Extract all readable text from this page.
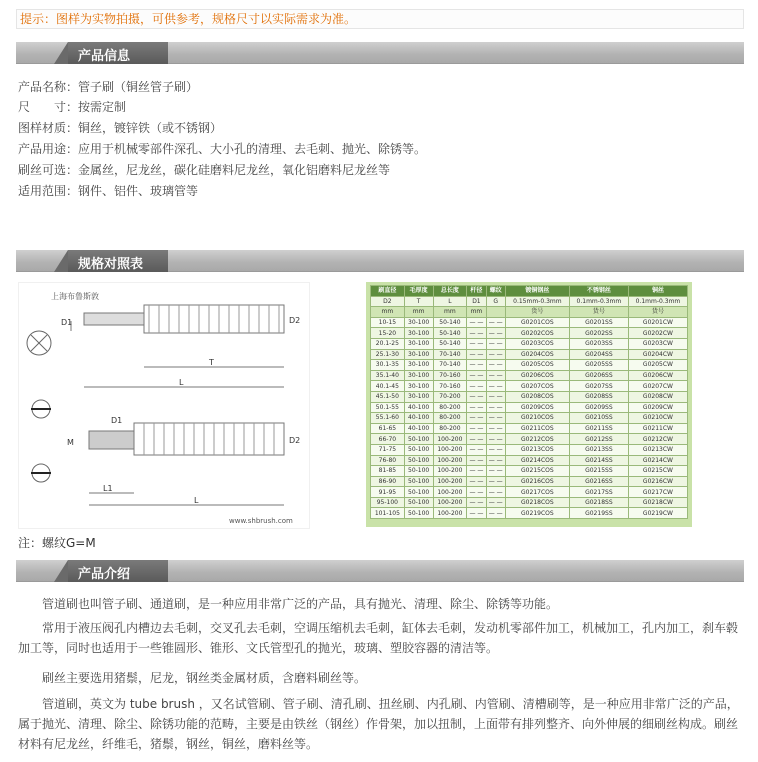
提示：图样为实物拍摄，可供参考，规格尺寸以实际需求为准。
产品信息
产品名称：管子刷（铜丝管子刷）
尺　　寸：按需定制
图样材质：铜丝，镀锌铁（或不锈钢）
产品用途：应用于机械零部件深孔、大小孔的清理、去毛刺、抛光、除锈等。
刷丝可选：金属丝，尼龙丝，碳化硅磨料尼龙丝，氧化铝磨料尼龙丝等
适用范围：钢件、铝件、玻璃管等
规格对照表
上海布鲁斯敦
D1	D2
T
L
M
D1
D2
L1
L
www.shbrush.com
刷直径	毛厚度	总长度	杆径	螺纹	镀铜钢丝	不锈钢丝	铜丝
D2	T	L	D1	G	0.15mm-0.3mm	0.1mm-0.3mm	0.1mm-0.3mm
mm	mm	mm	mm		货号	货号	货号
10-15	30-100	50-140	— —	— —	G0201COS	G0201SS	G0201CW
15-20	30-100	50-140	— —	— —	G0202COS	G0202SS	G0202CW
20.1-25	30-100	50-140	— —	— —	G0203COS	G0203SS	G0203CW
25.1-30	30-100	70-140	— —	— —	G0204COS	G0204SS	G0204CW
30.1-35	30-100	70-140	— —	— —	G0205COS	G0205SS	G0205CW
35.1-40	30-100	70-160	— —	— —	G0206COS	G0206SS	G0206CW
40.1-45	30-100	70-160	— —	— —	G0207COS	G0207SS	G0207CW
45.1-50	30-100	70-200	— —	— —	G0208COS	G0208SS	G0208CW
50.1-55	40-100	80-200	— —	— —	G0209COS	G0209SS	G0209CW
55.1-60	40-100	80-200	— —	— —	G0210COS	G0210SS	G0210CW
61-65	40-100	80-200	— —	— —	G0211COS	G0211SS	G0211CW
66-70	50-100	100-200	— —	— —	G0212COS	G0212SS	G0212CW
71-75	50-100	100-200	— —	— —	G0213COS	G0213SS	G0213CW
76-80	50-100	100-200	— —	— —	G0214COS	G0214SS	G0214CW
81-85	50-100	100-200	— —	— —	G0215COS	G0215SS	G0215CW
86-90	50-100	100-200	— —	— —	G0216COS	G0216SS	G0216CW
91-95	50-100	100-200	— —	— —	G0217COS	G0217SS	G0217CW
95-100	50-100	100-200	— —	— —	G0218COS	G0218SS	G0218CW
101-105	50-100	100-200	— —	— —	G0219COS	G0219SS	G0219CW
注：螺纹G=M
产品介绍
管道刷也叫管子刷、通道刷，是一种应用非常广泛的产品，具有抛光、清理、除尘、除锈等功能。
常用于液压阀孔内槽边去毛刺，交叉孔去毛刺，空调压缩机去毛刺，缸体去毛刺，发动机零部件加工，机械加工，孔内加工，刹车毂加工等，同时也适用于一些锥圆形、锥形、文氏管型孔的抛光，玻璃、塑胶容器的清洁等。
刷丝主要选用猪鬃，尼龙，钢丝类金属材质，含磨料刷丝等。
管道刷，英文为 tube brush ，又名试管刷、管子刷、清孔刷、扭丝刷、内孔刷、内管刷、清槽刷等，是一种应用非常广泛的产品，属于抛光、清理、除尘、除锈功能的范畴，主要是由铁丝（钢丝）作骨架，加以扭制，上面带有排列整齐、向外伸展的细刷丝构成。刷丝材料有尼龙丝，纤维毛，猪鬃，钢丝，铜丝，磨料丝等。
